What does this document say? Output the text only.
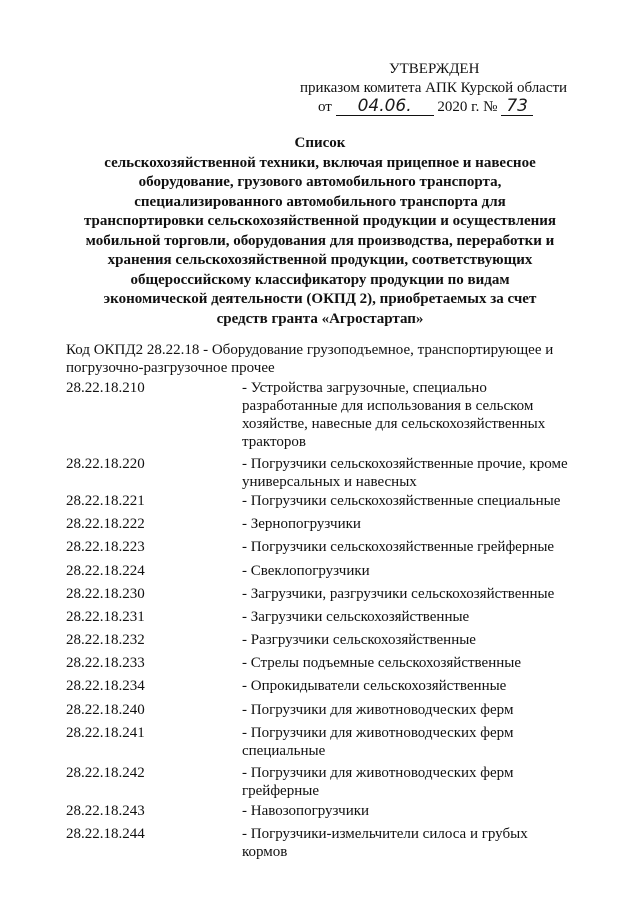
УТВЕРЖДЕН
приказом комитета АПК Курской области
от 04.06. 2020 г. № 73
Список
сельскохозяйственной техники, включая прицепное и навесное
оборудование, грузового автомобильного транспорта,
специализированного автомобильного транспорта для
транспортировки сельскохозяйственной продукции и осуществления
мобильной торговли, оборудования для производства, переработки и
хранения сельскохозяйственной продукции, соответствующих
общероссийскому классификатору продукции по видам
экономической деятельности (ОКПД 2), приобретаемых за счет
средств гранта «Агростартап»
Код ОКПД2 28.22.18 - Оборудование грузоподъемное, транспортирующее и погрузочно-разгрузочное прочее
28.22.18.210	- Устройства загрузочные, специально разработанные для использования в сельском хозяйстве, навесные для сельскохозяйственных тракторов
28.22.18.220	- Погрузчики сельскохозяйственные прочие, кроме универсальных и навесных
28.22.18.221	- Погрузчики сельскохозяйственные специальные
28.22.18.222	- Зернопогрузчики
28.22.18.223	- Погрузчики сельскохозяйственные грейферные
28.22.18.224	- Свеклопогрузчики
28.22.18.230	- Загрузчики, разгрузчики сельскохозяйственные
28.22.18.231	- Загрузчики сельскохозяйственные
28.22.18.232	- Разгрузчики сельскохозяйственные
28.22.18.233	- Стрелы подъемные сельскохозяйственные
28.22.18.234	- Опрокидыватели сельскохозяйственные
28.22.18.240	- Погрузчики для животноводческих ферм
28.22.18.241	- Погрузчики для животноводческих ферм специальные
28.22.18.242	- Погрузчики для животноводческих ферм грейферные
28.22.18.243	- Навозопогрузчики
28.22.18.244	- Погрузчики-измельчители силоса и грубых кормов
